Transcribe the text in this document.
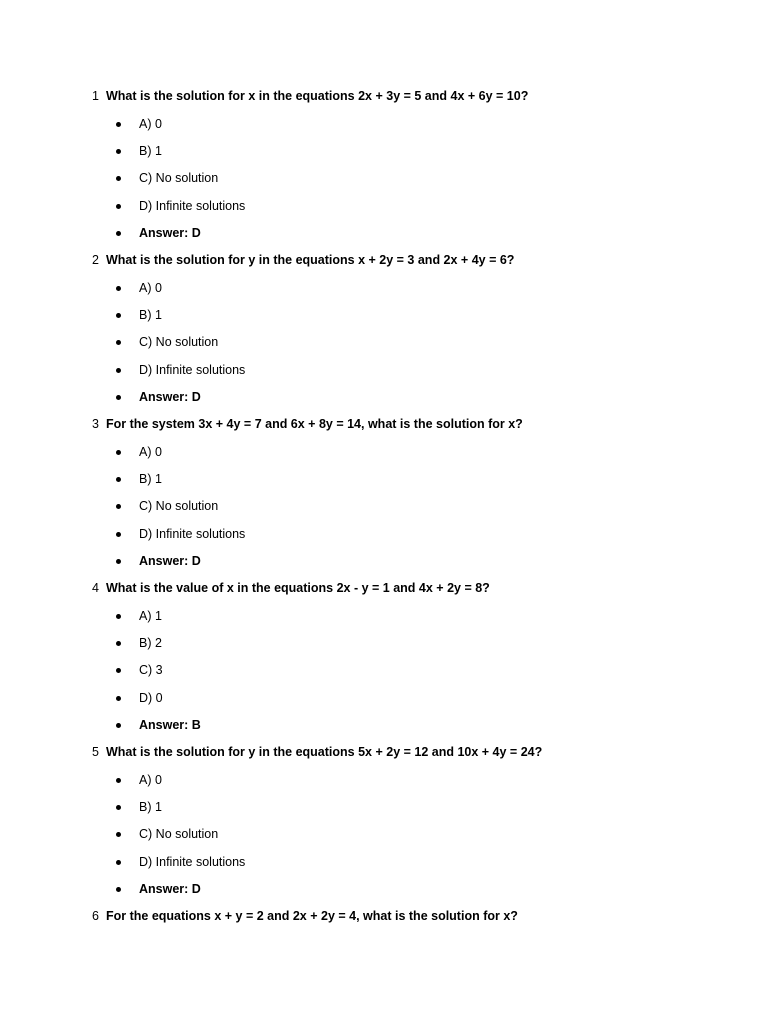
1 What is the solution for x in the equations 2x + 3y = 5 and 4x + 6y = 10?
A) 0
B) 1
C) No solution
D) Infinite solutions
Answer: D
2 What is the solution for y in the equations x + 2y = 3 and 2x + 4y = 6?
A) 0
B) 1
C) No solution
D) Infinite solutions
Answer: D
3 For the system 3x + 4y = 7 and 6x + 8y = 14, what is the solution for x?
A) 0
B) 1
C) No solution
D) Infinite solutions
Answer: D
4 What is the value of x in the equations 2x - y = 1 and 4x + 2y = 8?
A) 1
B) 2
C) 3
D) 0
Answer: B
5 What is the solution for y in the equations 5x + 2y = 12 and 10x + 4y = 24?
A) 0
B) 1
C) No solution
D) Infinite solutions
Answer: D
6 For the equations x + y = 2 and 2x + 2y = 4, what is the solution for x?
